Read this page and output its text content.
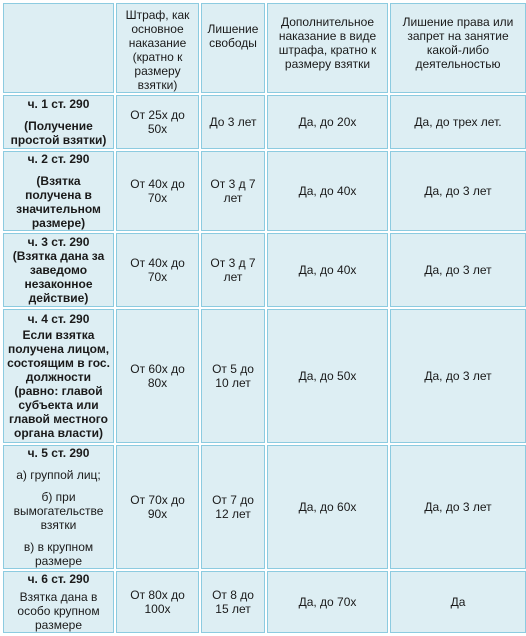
	Штраф, как основное наказание (кратно к размеру взятки)	Лишение свободы	Дополнительное наказание в виде штрафа, кратно к размеру взятки	Лишение права или запрет на занятие какой-либо деятельностью

ч. 1 ст. 290

(Получение простой взятки)	От 25х до 50х	До 3 лет	Да, до 20х	Да, до трех лет.

ч. 2 ст. 290

(Взятка получена в значительном размере)	От 40х до 70х	От 3 д 7 лет	Да, до 40х	Да, до 3 лет

ч. 3 ст. 290

(Взятка дана за заведомо незаконное действие)	От 40х до 70х	От 3 д 7 лет	Да, до 40х	Да, до 3 лет

ч. 4 ст. 290

Если взятка получена лицом, состоящим в гос. должности (равно: главой субъекта или главой местного органа власти)	От 60х до 80х	От 5 до 10 лет	Да, до 50х	Да, до 3 лет

ч. 5 ст. 290

а) группой лиц;

б) при вымогательстве взятки

в) в крупном размере	От 70х до 90х	От 7 до 12 лет	Да, до 60х	Да, до 3 лет

ч. 6 ст. 290

Взятка дана в особо крупном размере	От 80х до 100х	От 8 до 15 лет	Да, до 70х	Да
